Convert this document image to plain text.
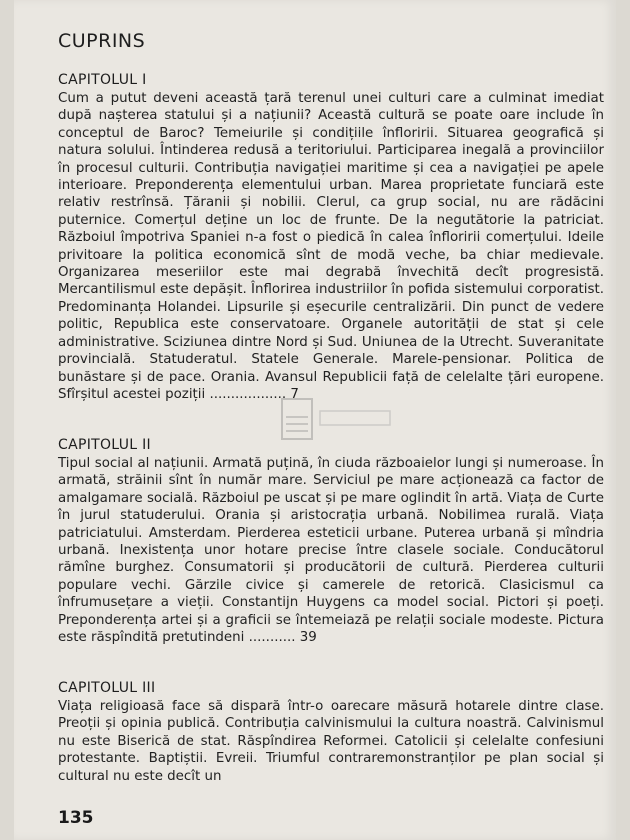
CUPRINS
CAPITOLUL I
Cum a putut deveni această țară terenul unei culturi care a culminat imediat după nașterea statului și a națiunii? Această cultură se poate oare include în conceptul de Baroc? Temeiurile și condițiile înfloririi. Situarea geografică și natura solului. Întinderea redusă a teritoriului. Participarea inegală a provinciilor în procesul culturii. Contribuția navigației maritime și cea a navigației pe apele interioare. Preponderența elementului urban. Marea proprietate funciară este relativ restrînsă. Țăranii și nobilii. Clerul, ca grup social, nu are rădăcini puternice. Comerțul deține un loc de frunte. De la negutătorie la patriciat. Războiul împotriva Spaniei n-a fost o piedică în calea înfloririi comerțului. Ideile privitoare la politica economică sînt de modă veche, ba chiar medievale. Organizarea meseriilor este mai degrabă învechită decît progresistă. Mercantilismul este depășit. Înflorirea industriilor în pofida sistemului corporatist. Predominanța Holandei. Lipsurile și eșecurile centralizării. Din punct de vedere politic, Republica este conservatoare. Organele autorității de stat și cele administrative. Sciziunea dintre Nord și Sud. Uniunea de la Utrecht. Suveranitate provincială. Statuderatul. Statele Generale. Marele-pensionar. Politica de bunăstare și de pace. Orania. Avansul Republicii față de celelalte țări europene. Sfîrșitul acestei poziții .................. 7
CAPITOLUL II
Tipul social al națiunii. Armată puțină, în ciuda războaielor lungi și numeroase. În armată, străinii sînt în număr mare. Serviciul pe mare acționează ca factor de amalgamare socială. Războiul pe uscat și pe mare oglindit în artă. Viața de Curte în jurul statuderului. Orania și aristocrația urbană. Nobilimea rurală. Viața patriciatului. Amsterdam. Pierderea esteticii urbane. Puterea urbană și mîndria urbană. Inexistența unor hotare precise între clasele sociale. Conducătorul rămîne burghez. Consumatorii și producătorii de cultură. Pierderea culturii populare vechi. Gărzile civice și camerele de retorică. Clasicismul ca înfrumusețare a vieții. Constantijn Huygens ca model social. Pictori și poeți. Preponderența artei și a graficii se întemeiază pe relații sociale modeste. Pictura este răspîndită pretutindeni ........... 39
CAPITOLUL III
Viața religioasă face să dispară într-o oarecare măsură hotarele dintre clase. Preoții și opinia publică. Contribuția calvinismului la cultura noastră. Calvinismul nu este Biserică de stat. Răspîndirea Reformei. Catolicii și celelalte confesiuni protestante. Baptiștii. Evreii. Triumful contraremonstranților pe plan social și cultural nu este decît un
135
